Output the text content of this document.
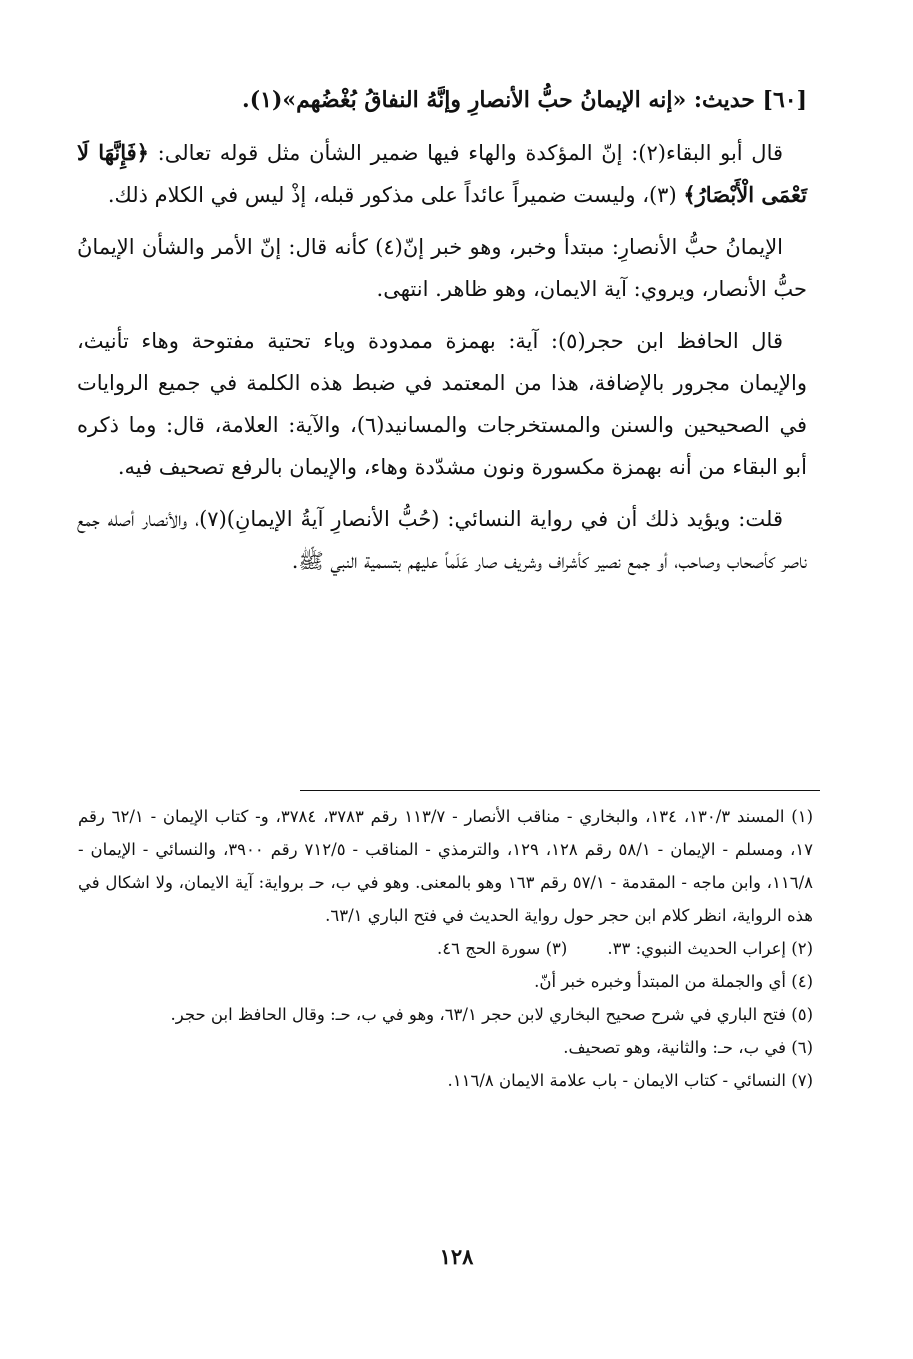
[٦٠] حديث: «إنه الإيمانُ حبُّ الأنصارِ وإنَّهُ النفاقُ بُغْضُهم»(١).

قال أبو البقاء(٢): إنّ المؤكدة والهاء فيها ضمير الشأن مثل قوله تعالى: ﴿فَإِنَّهَا لَا تَعْمَى الْأَبْصَارُ﴾ (٣)، وليست ضميراً عائداً على مذكور قبله، إذْ ليس في الكلام ذلك.

الإيمانُ حبُّ الأنصارِ: مبتدأ وخبر، وهو خبر إنّ(٤) كأنه قال: إنّ الأمر والشأن الإيمانُ حبُّ الأنصار، ويروي: آية الايمان، وهو ظاهر. انتهى.

قال الحافظ ابن حجر(٥): آية: بهمزة ممدودة وياء تحتية مفتوحة وهاء تأنيث، والإيمان مجرور بالإضافة، هذا من المعتمد في ضبط هذه الكلمة في جميع الروايات في الصحيحين والسنن والمستخرجات والمسانيد(٦)، والآية: العلامة، قال: وما ذكره أبو البقاء من أنه بهمزة مكسورة ونون مشدّدة وهاء، والإيمان بالرفع تصحيف فيه.

قلت: ويؤيد ذلك أن في رواية النسائي: (حُبُّ الأنصارِ آيةُ الإيمانِ)(٧)، والأنصار أصله جمع ناصر كأصحاب وصاحب، أو جمع نصير كأشراف وشريف صار عَلَماً عليهم بتسمية النبي ﷺ.

(١) المسند ١٣٠/٣، ١٣٤، والبخاري - مناقب الأنصار - ١١٣/٧ رقم ٣٧٨٣، ٣٧٨٤، و- كتاب الإيمان - ٦٢/١ رقم ١٧، ومسلم - الإيمان - ٥٨/١ رقم ١٢٨، ١٢٩، والترمذي - المناقب - ٧١٢/٥ رقم ٣٩٠٠، والنسائي - الإيمان - ١١٦/٨، وابن ماجه - المقدمة - ٥٧/١ رقم ١٦٣ وهو بالمعنى. وهو في ب، حـ برواية: آية الايمان، ولا اشكال في هذه الرواية، انظر كلام ابن حجر حول رواية الحديث في فتح الباري ٦٣/١.

(٢) إعراب الحديث النبوي: ٣٣.
(٣) سورة الحج ٤٦.

(٤) أي والجملة من المبتدأ وخبره خبر أنّ.

(٥) فتح الباري في شرح صحيح البخاري لابن حجر ٦٣/١، وهو في ب، حـ: وقال الحافظ ابن حجر.

(٦) في ب، حـ: والثانية، وهو تصحيف.

(٧) النسائي - كتاب الايمان - باب علامة الايمان ١١٦/٨.

١٢٨
